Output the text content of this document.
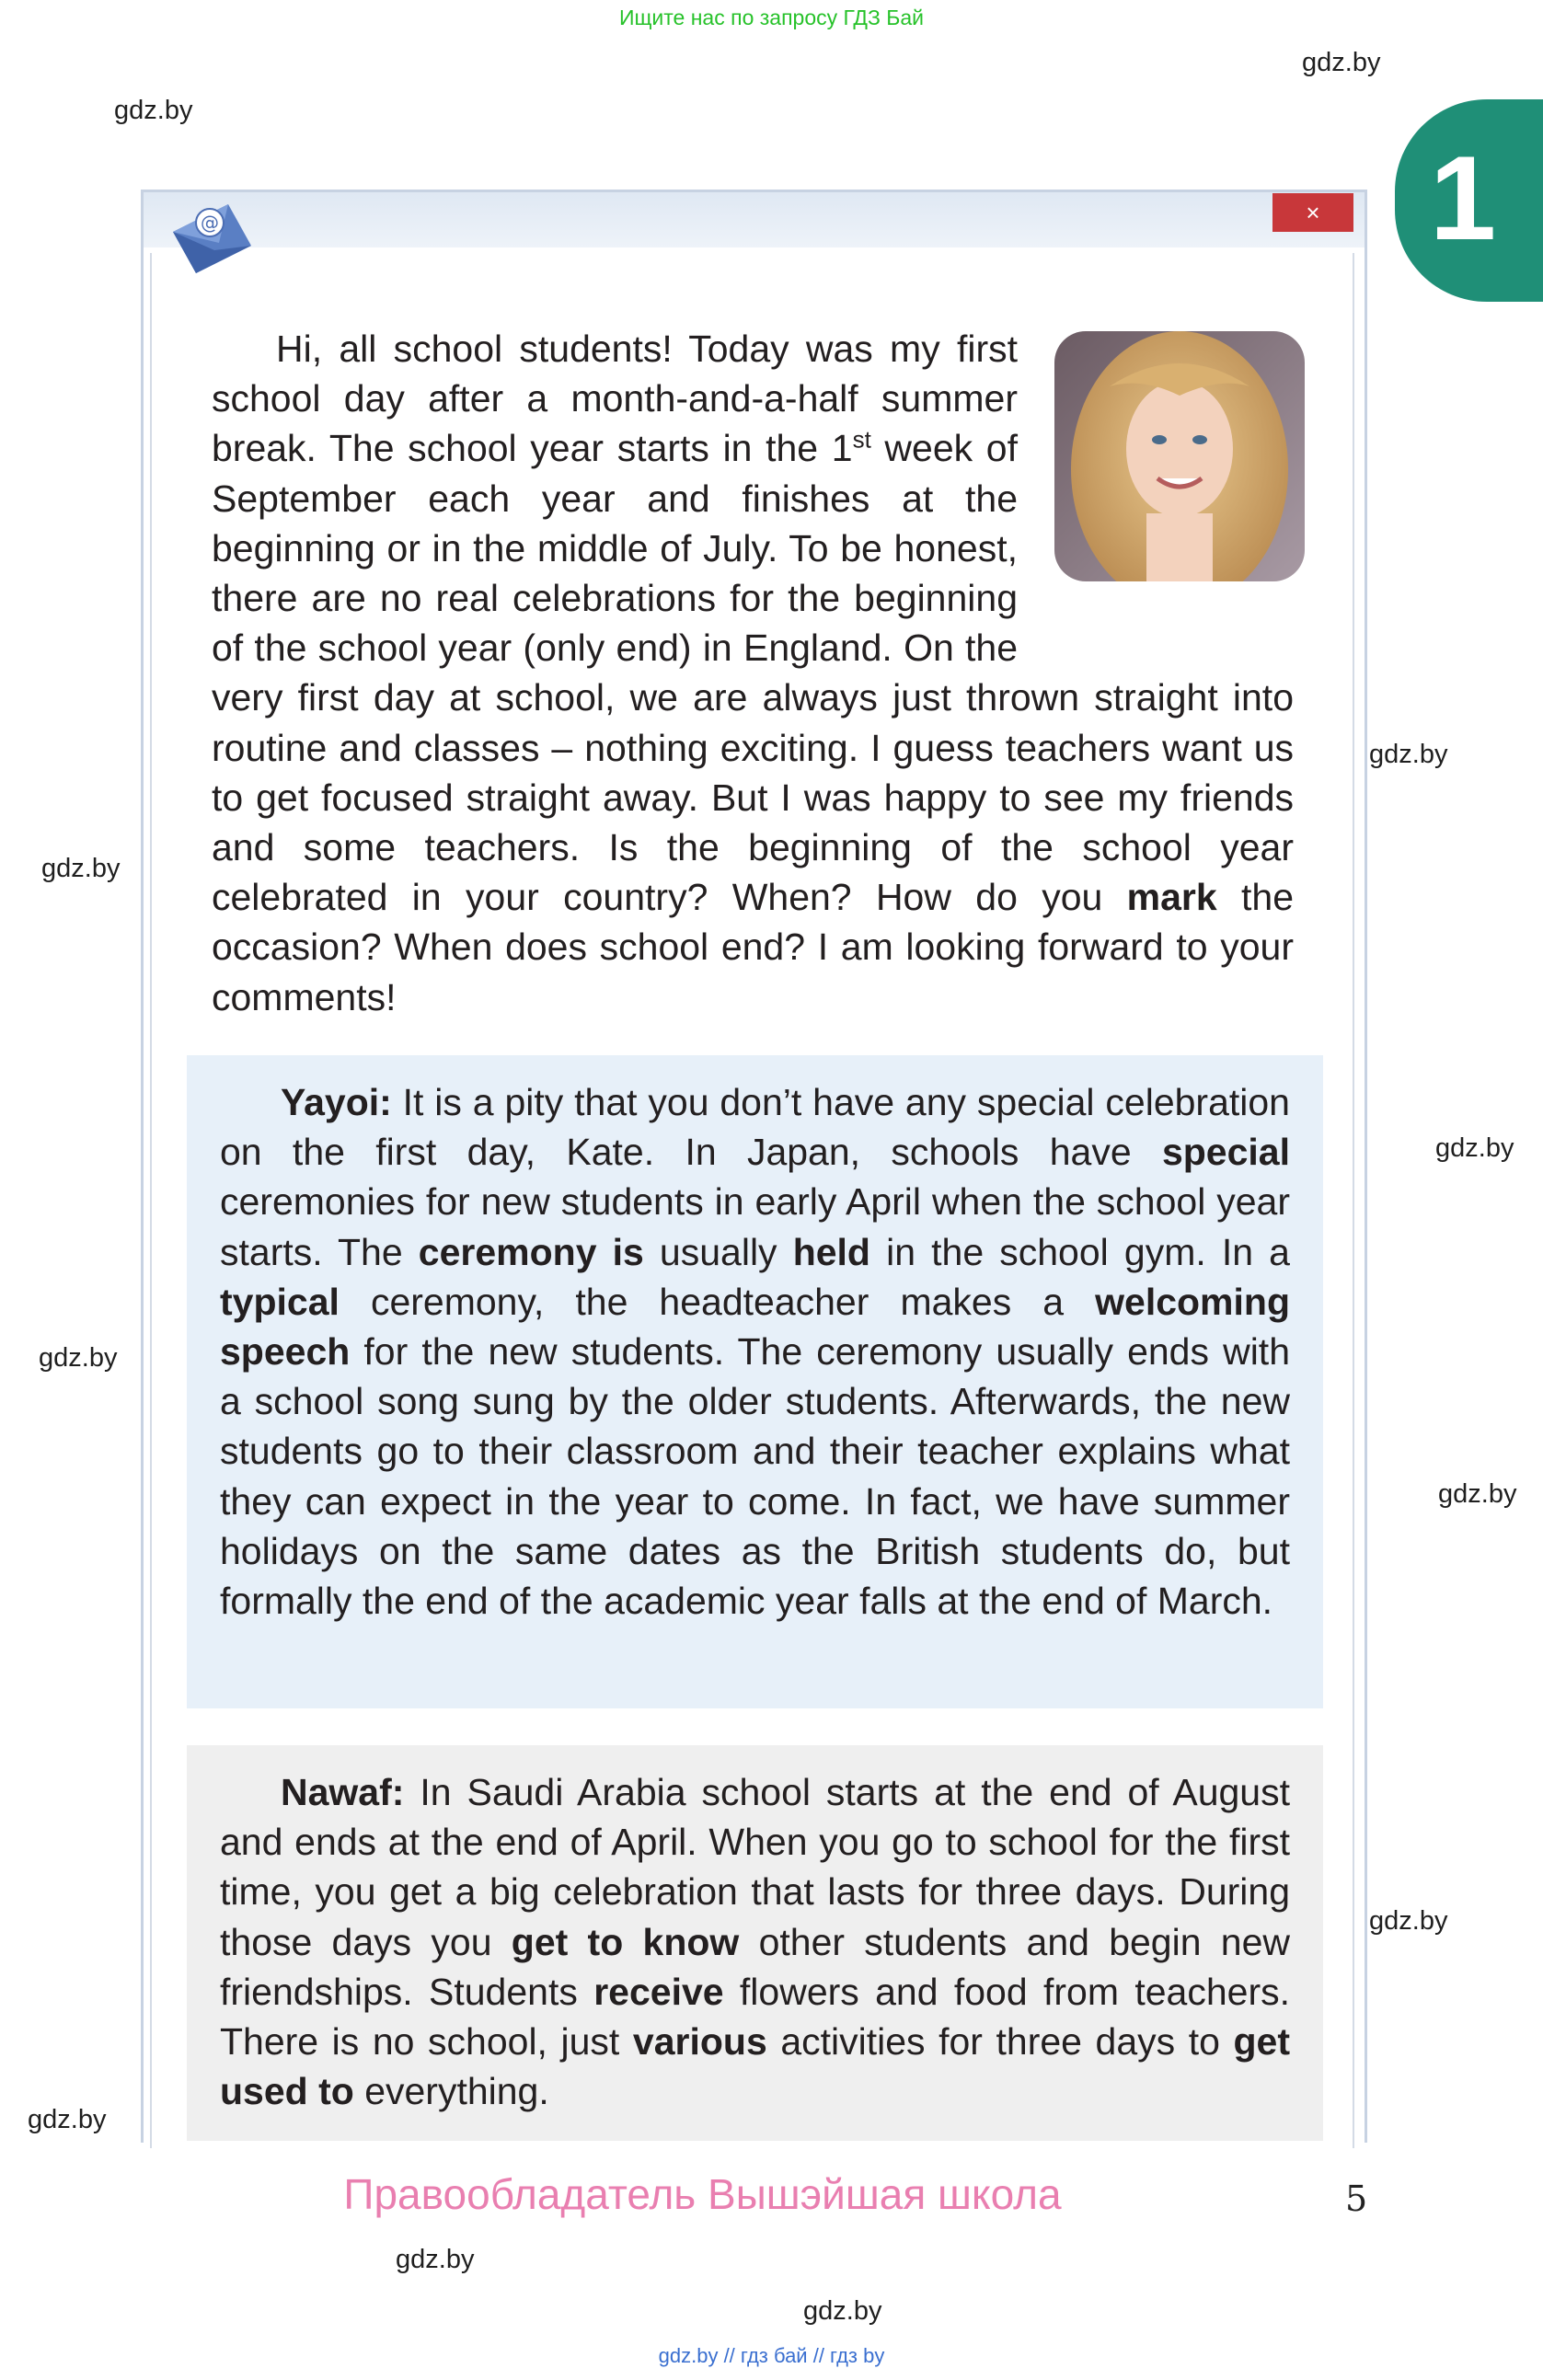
Ищите нас по запросу ГДЗ Бай
gdz.by
gdz.by
gdz.by
gdz.by
gdz.by
gdz.by
gdz.by
gdz.by
gdz.by
gdz.by
gdz.by
1
×
@
Hi, all school students! Today was my first school day after a month-and-a-half summer break. The school year starts in the 1st week of September each year and finishes at the beginning or in the middle of July. To be honest, there are no real celebrations for the beginning of the school year (only end) in England. On the very first day at school, we are always just thrown straight into routine and classes – nothing exciting. I guess teachers want us to get focused straight away. But I was happy to see my friends and some teachers. Is the beginning of the school year celebrated in your country? When? How do you mark the occasion? When does school end? I am looking forward to your comments!
Yayoi: It is a pity that you don’t have any special celebration on the first day, Kate. In Japan, schools have special ceremonies for new students in early April when the school year starts. The ceremony is usually held in the school gym. In a typical ceremony, the headteacher makes a welcoming speech for the new students. The ceremony usually ends with a school song sung by the older students. Afterwards, the new students go to their classroom and their teacher explains what they can expect in the year to come. In fact, we have summer holidays on the same dates as the British students do, but formally the end of the academic year falls at the end of March.
Nawaf: In Saudi Arabia school starts at the end of August and ends at the end of April. When you go to school for the first time, you get a big celebration that lasts for three days. During those days you get to know other students and begin new friendships. Students receive flowers and food from teachers. There is no school, just various activities for three days to get used to everything.
Правообладатель Вышэйшая школа	5
gdz.by // гдз бай // гдз by
